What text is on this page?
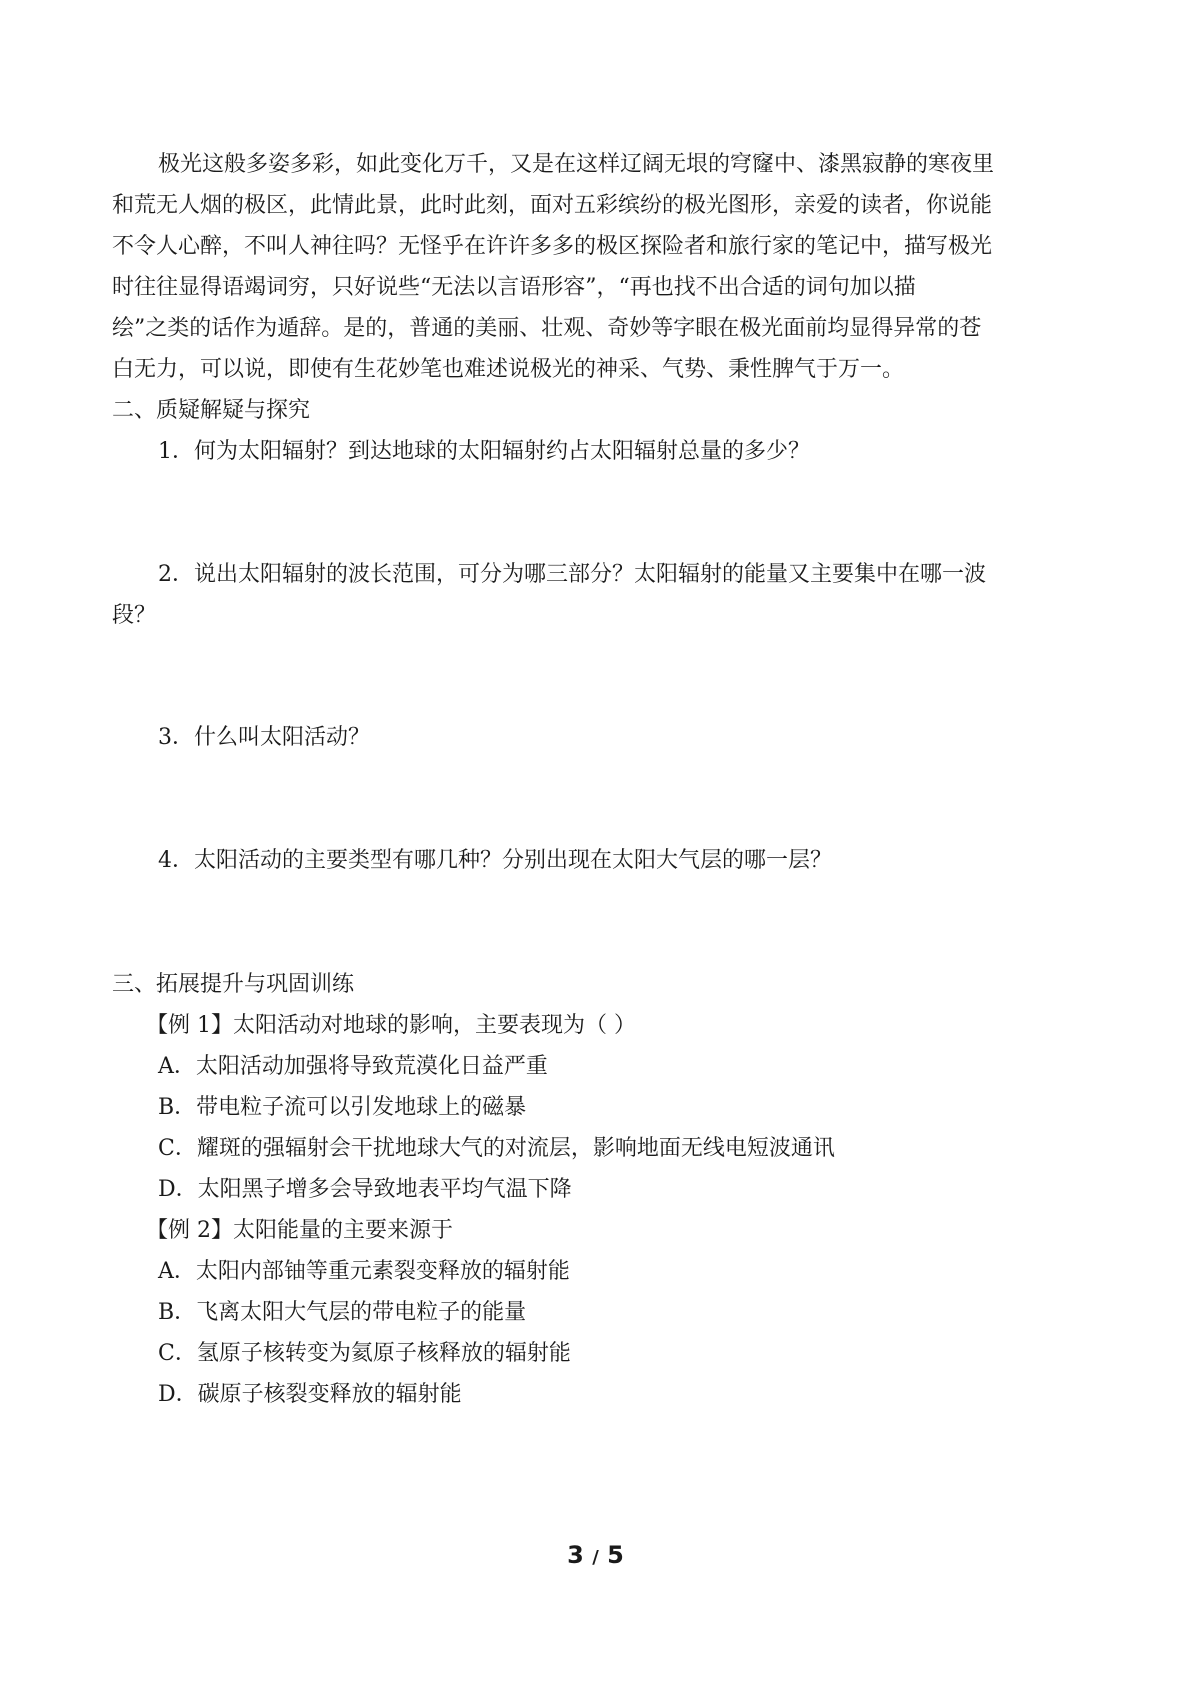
极光这般多姿多彩，如此变化万千，又是在这样辽阔无垠的穹窿中、漆黑寂静的寒夜里
和荒无人烟的极区，此情此景，此时此刻，面对五彩缤纷的极光图形，亲爱的读者，你说能
不令人心醉，不叫人神往吗？无怪乎在许许多多的极区探险者和旅行家的笔记中，描写极光
时往往显得语竭词穷，只好说些“无法以言语形容”，“再也找不出合适的词句加以描
绘”之类的话作为遁辞。是的，普通的美丽、壮观、奇妙等字眼在极光面前均显得异常的苍
白无力，可以说，即使有生花妙笔也难述说极光的神采、气势、秉性脾气于万一。
二、质疑解疑与探究
1．何为太阳辐射？到达地球的太阳辐射约占太阳辐射总量的多少？
2．说出太阳辐射的波长范围，可分为哪三部分？太阳辐射的能量又主要集中在哪一波
段？
3．什么叫太阳活动？
4．太阳活动的主要类型有哪几种？分别出现在太阳大气层的哪一层？
三、拓展提升与巩固训练
【例 1】太阳活动对地球的影响，主要表现为（ ）
A．太阳活动加强将导致荒漠化日益严重
B．带电粒子流可以引发地球上的磁暴
C．耀斑的强辐射会干扰地球大气的对流层，影响地面无线电短波通讯
D．太阳黑子增多会导致地表平均气温下降
【例 2】太阳能量的主要来源于
A．太阳内部铀等重元素裂变释放的辐射能
B．飞离太阳大气层的带电粒子的能量
C．氢原子核转变为氦原子核释放的辐射能
D．碳原子核裂变释放的辐射能
3 / 5
